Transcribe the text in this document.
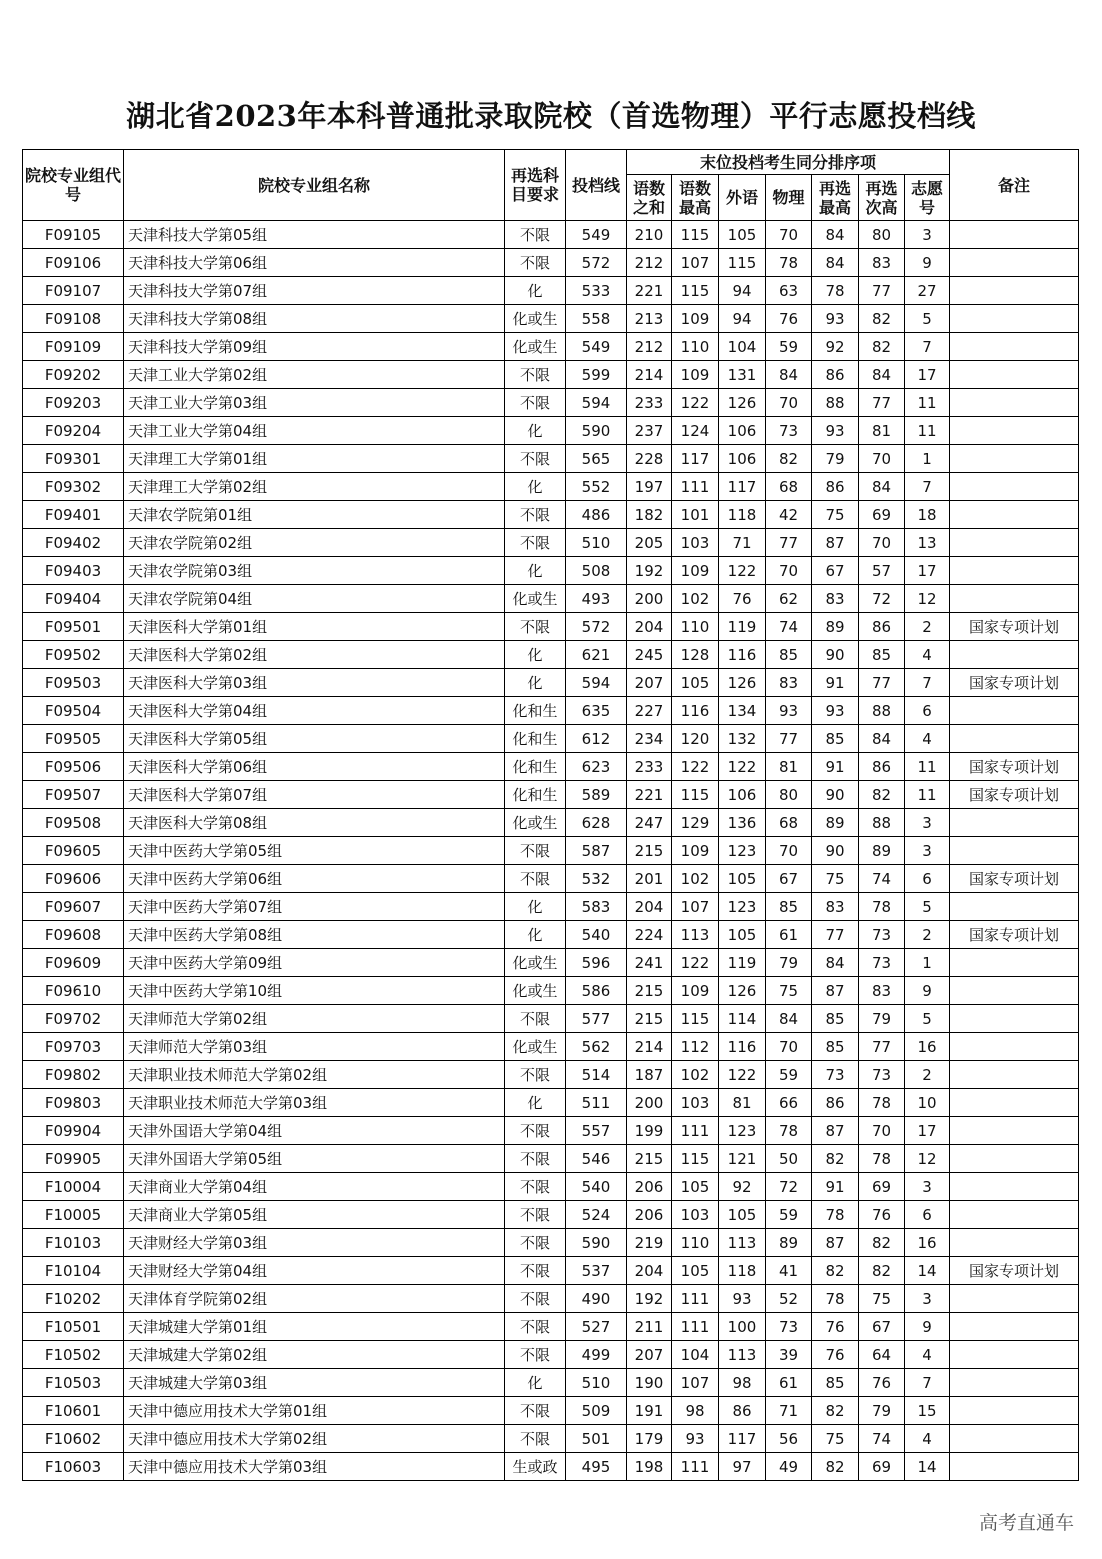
湖北省2023年本科普通批录取院校（首选物理）平行志愿投档线
院校专业组代号	院校专业组名称	再选科目要求	投档线	末位投档考生同分排序项							备注

				语数之和	语数最高	外语	物理	再选最高	再选次高	志愿号	

F09105	天津科技大学第05组	不限	549	210	115	105	70	84	80	3	
F09106	天津科技大学第06组	不限	572	212	107	115	78	84	83	9	
F09107	天津科技大学第07组	化	533	221	115	94	63	78	77	27	
F09108	天津科技大学第08组	化或生	558	213	109	94	76	93	82	5	
F09109	天津科技大学第09组	化或生	549	212	110	104	59	92	82	7	
F09202	天津工业大学第02组	不限	599	214	109	131	84	86	84	17	
F09203	天津工业大学第03组	不限	594	233	122	126	70	88	77	11	
F09204	天津工业大学第04组	化	590	237	124	106	73	93	81	11	
F09301	天津理工大学第01组	不限	565	228	117	106	82	79	70	1	
F09302	天津理工大学第02组	化	552	197	111	117	68	86	84	7	
F09401	天津农学院第01组	不限	486	182	101	118	42	75	69	18	
F09402	天津农学院第02组	不限	510	205	103	71	77	87	70	13	
F09403	天津农学院第03组	化	508	192	109	122	70	67	57	17	
F09404	天津农学院第04组	化或生	493	200	102	76	62	83	72	12	
F09501	天津医科大学第01组	不限	572	204	110	119	74	89	86	2	国家专项计划
F09502	天津医科大学第02组	化	621	245	128	116	85	90	85	4	
F09503	天津医科大学第03组	化	594	207	105	126	83	91	77	7	国家专项计划
F09504	天津医科大学第04组	化和生	635	227	116	134	93	93	88	6	
F09505	天津医科大学第05组	化和生	612	234	120	132	77	85	84	4	
F09506	天津医科大学第06组	化和生	623	233	122	122	81	91	86	11	国家专项计划
F09507	天津医科大学第07组	化和生	589	221	115	106	80	90	82	11	国家专项计划
F09508	天津医科大学第08组	化或生	628	247	129	136	68	89	88	3	
F09605	天津中医药大学第05组	不限	587	215	109	123	70	90	89	3	
F09606	天津中医药大学第06组	不限	532	201	102	105	67	75	74	6	国家专项计划
F09607	天津中医药大学第07组	化	583	204	107	123	85	83	78	5	
F09608	天津中医药大学第08组	化	540	224	113	105	61	77	73	2	国家专项计划
F09609	天津中医药大学第09组	化或生	596	241	122	119	79	84	73	1	
F09610	天津中医药大学第10组	化或生	586	215	109	126	75	87	83	9	
F09702	天津师范大学第02组	不限	577	215	115	114	84	85	79	5	
F09703	天津师范大学第03组	化或生	562	214	112	116	70	85	77	16	
F09802	天津职业技术师范大学第02组	不限	514	187	102	122	59	73	73	2	
F09803	天津职业技术师范大学第03组	化	511	200	103	81	66	86	78	10	
F09904	天津外国语大学第04组	不限	557	199	111	123	78	87	70	17	
F09905	天津外国语大学第05组	不限	546	215	115	121	50	82	78	12	
F10004	天津商业大学第04组	不限	540	206	105	92	72	91	69	3	
F10005	天津商业大学第05组	不限	524	206	103	105	59	78	76	6	
F10103	天津财经大学第03组	不限	590	219	110	113	89	87	82	16	
F10104	天津财经大学第04组	不限	537	204	105	118	41	82	82	14	国家专项计划
F10202	天津体育学院第02组	不限	490	192	111	93	52	78	75	3	
F10501	天津城建大学第01组	不限	527	211	111	100	73	76	67	9	
F10502	天津城建大学第02组	不限	499	207	104	113	39	76	64	4	
F10503	天津城建大学第03组	化	510	190	107	98	61	85	76	7	
F10601	天津中德应用技术大学第01组	不限	509	191	98	86	71	82	79	15	
F10602	天津中德应用技术大学第02组	不限	501	179	93	117	56	75	74	4	
F10603	天津中德应用技术大学第03组	生或政	495	198	111	97	49	82	69	14	
高考直通车
